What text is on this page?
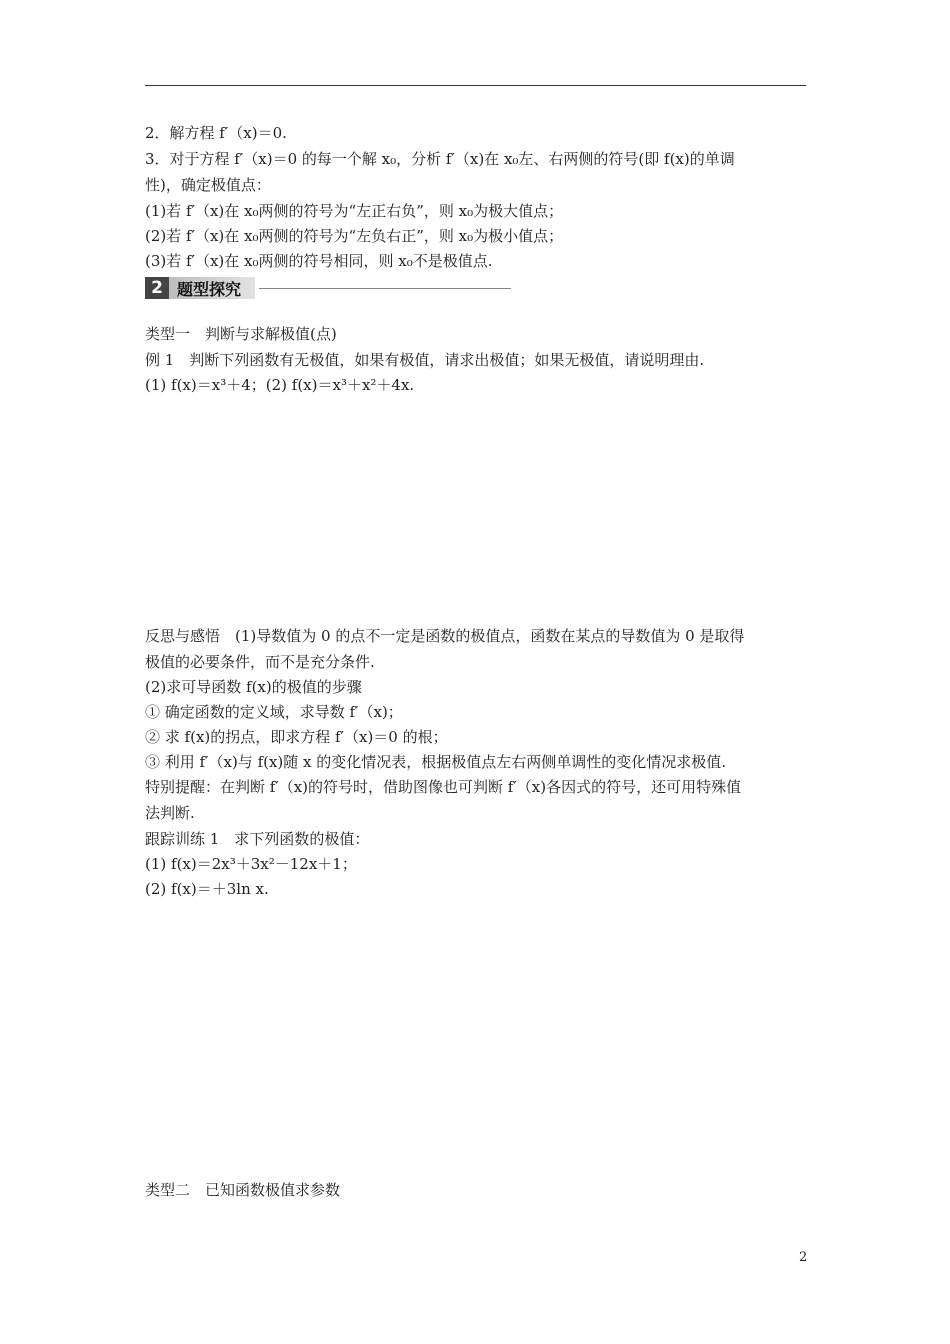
2．解方程 f′（x)＝0.
3．对于方程 f′（x)＝0 的每一个解 x₀，分析 f′（x)在 x₀左、右两侧的符号(即 f(x)的单调
性)，确定极值点：
(1)若 f′（x)在 x₀两侧的符号为“左正右负”，则 x₀为极大值点；
(2)若 f′（x)在 x₀两侧的符号为“左负右正”，则 x₀为极小值点；
(3)若 f′（x)在 x₀两侧的符号相同，则 x₀不是极值点.
2 题型探究
类型一　判断与求解极值(点)
例 1　判断下列函数有无极值，如果有极值，请求出极值；如果无极值，请说明理由.
(1) f(x)＝x³＋4；(2) f(x)＝x³＋x²＋4x.
反思与感悟　(1)导数值为 0 的点不一定是函数的极值点，函数在某点的导数值为 0 是取得
极值的必要条件，而不是充分条件.
(2)求可导函数 f(x)的极值的步骤
① 确定函数的定义域，求导数 f′（x)；
② 求 f(x)的拐点，即求方程 f′（x)＝0 的根；
③ 利用 f′（x)与 f(x)随 x 的变化情况表，根据极值点左右两侧单调性的变化情况求极值.
特别提醒：在判断 f′（x)的符号时，借助图像也可判断 f′（x)各因式的符号，还可用特殊值
法判断.
跟踪训练 1　求下列函数的极值：
(1) f(x)＝2x³＋3x²－12x＋1；
(2) f(x)＝＋3ln x.
类型二　已知函数极值求参数
2
